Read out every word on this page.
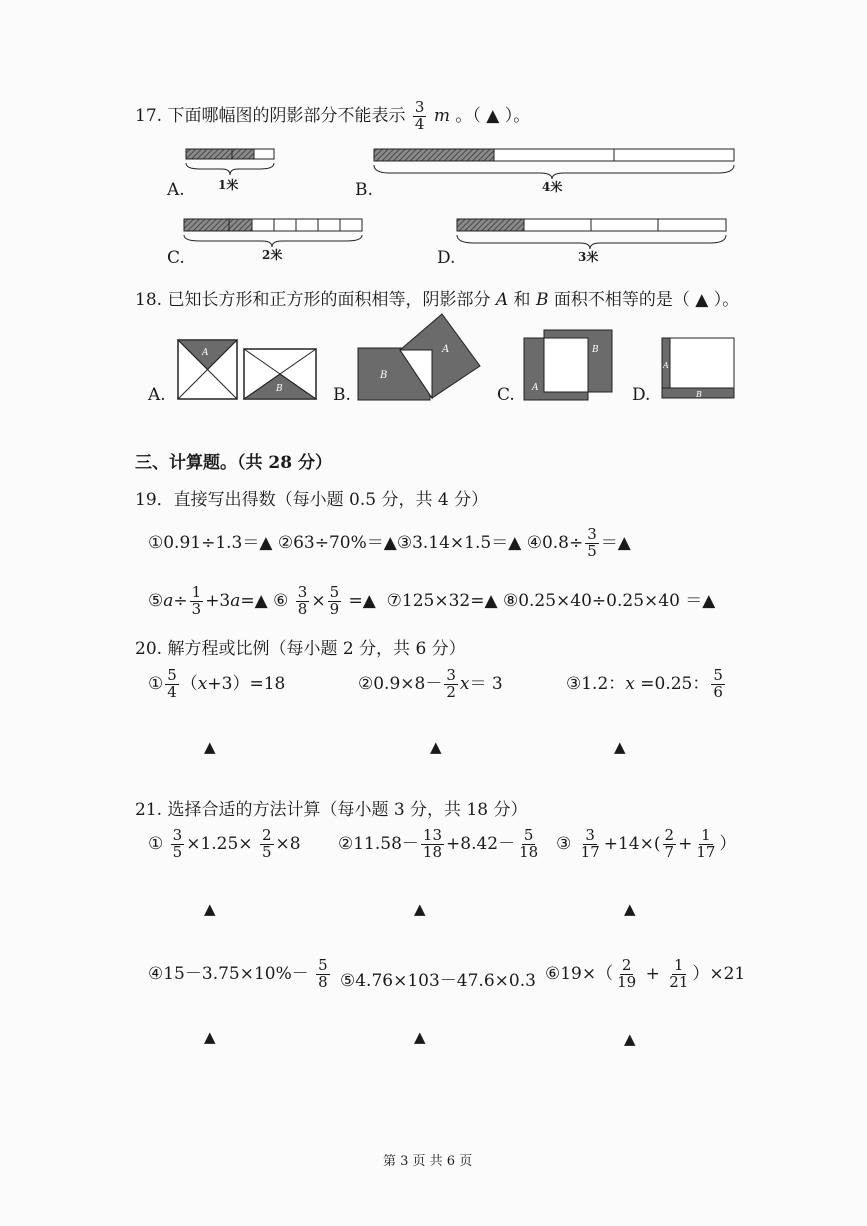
17. 下面哪幅图的阴影部分不能表示 $\frac{3}{4}$ m 。（ ▲ ）。
A.	1米	B.	4米
C.	2米	D.	3米
18. 已知长方形和正方形的面积相等，阴影部分 A 和 B 面积不相等的是（ ▲ ）。
A
B
B
A	B
A
A
B
A.	B.	C.	D.
三、计算题。（共 28 分）
19．直接写出得数（每小题 0.5 分，共 4 分）
①0.91÷1.3＝▲ ②63÷70%＝▲③3.14×1.5＝▲ ④0.8÷ $\frac{3}{5}$ ＝▲
⑤a÷ $\frac{1}{3}$ +3a=▲ ⑥ $\frac{3}{8} \times \frac{5}{9}$ =▲ ⑦125×32=▲ ⑧0.25×40÷0.25×40 ＝▲
20. 解方程或比例（每小题 2 分，共 6 分）
① $\frac{5}{4} (x+3)=18$	②0.9×8－ $\frac{3}{2} x= 3$	③1.2：x =0.25： $\frac{5}{6}$
▲	▲	▲
21. 选择合适的方法计算（每小题 3 分，共 18 分）
① $\frac{3}{5} \times 1.25\times \frac{2}{5} \times 8$ ②11.58－ $\frac{13}{18} +8.42- \frac{5}{18}$ ③ $\frac{3}{17} +14\times( \frac{2}{7} + \frac{1}{17}$ ）
▲	▲	▲
④15－3.75×10%－ $\frac{5}{8}$ ⑤4.76×103－47.6×0.3 ⑥19×（ $\frac{2}{19} + \frac{1}{21} )\times 21$
▲	▲	▲
第 3 页 共 6 页
